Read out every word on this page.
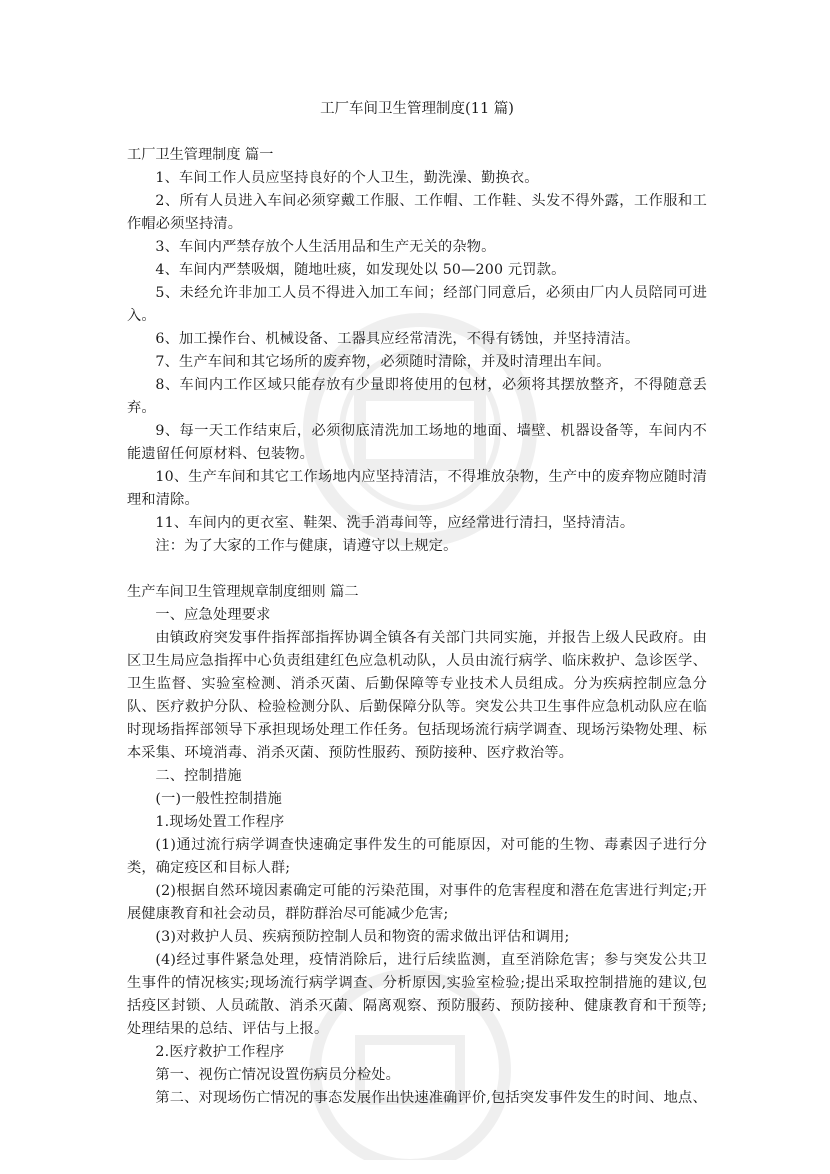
工厂车间卫生管理制度(11 篇)

工厂卫生管理制度 篇一

1、车间工作人员应坚持良好的个人卫生，勤洗澡、勤换衣。

2、所有人员进入车间必须穿戴工作服、工作帽、工作鞋、头发不得外露，工作服和工作帽必须坚持清。

3、车间内严禁存放个人生活用品和生产无关的杂物。

4、车间内严禁吸烟，随地吐痰，如发现处以 50—200 元罚款。

5、未经允许非加工人员不得进入加工车间；经部门同意后，必须由厂内人员陪同可进入。

6、加工操作台、机械设备、工器具应经常清洗，不得有锈蚀，并坚持清洁。

7、生产车间和其它场所的废弃物，必须随时清除，并及时清理出车间。

8、车间内工作区域只能存放有少量即将使用的包材，必须将其摆放整齐，不得随意丢弃。

9、每一天工作结束后，必须彻底清洗加工场地的地面、墙壁、机器设备等，车间内不能遗留任何原材料、包装物。

10、生产车间和其它工作场地内应坚持清洁，不得堆放杂物，生产中的废弃物应随时清理和清除。

11、车间内的更衣室、鞋架、洗手消毒间等，应经常进行清扫，坚持清洁。

注：为了大家的工作与健康，请遵守以上规定。

生产车间卫生管理规章制度细则 篇二

一、应急处理要求

由镇政府突发事件指挥部指挥协调全镇各有关部门共同实施，并报告上级人民政府。由区卫生局应急指挥中心负责组建红色应急机动队，人员由流行病学、临床救护、急诊医学、卫生监督、实验室检测、消杀灭菌、后勤保障等专业技术人员组成。分为疾病控制应急分队、医疗救护分队、检验检测分队、后勤保障分队等。突发公共卫生事件应急机动队应在临时现场指挥部领导下承担现场处理工作任务。包括现场流行病学调查、现场污染物处理、标本采集、环境消毒、消杀灭菌、预防性服药、预防接种、医疗救治等。

二、控制措施

(一)一般性控制措施

1.现场处置工作程序

(1)通过流行病学调查快速确定事件发生的可能原因，对可能的生物、毒素因子进行分类，确定疫区和目标人群;

(2)根据自然环境因素确定可能的污染范围，对事件的危害程度和潜在危害进行判定;开展健康教育和社会动员，群防群治尽可能减少危害;

(3)对救护人员、疾病预防控制人员和物资的需求做出评估和调用;

(4)经过事件紧急处理，疫情消除后，进行后续监测，直至消除危害；参与突发公共卫生事件的情况核实;现场流行病学调查、分析原因,实验室检验;提出采取控制措施的建议,包括疫区封锁、人员疏散、消杀灭菌、隔离观察、预防服药、预防接种、健康教育和干预等;处理结果的总结、评估与上报。

2.医疗救护工作程序

第一、视伤亡情况设置伤病员分检处。

第二、对现场伤亡情况的事态发展作出快速准确评价,包括突发事件发生的时间、地点、
